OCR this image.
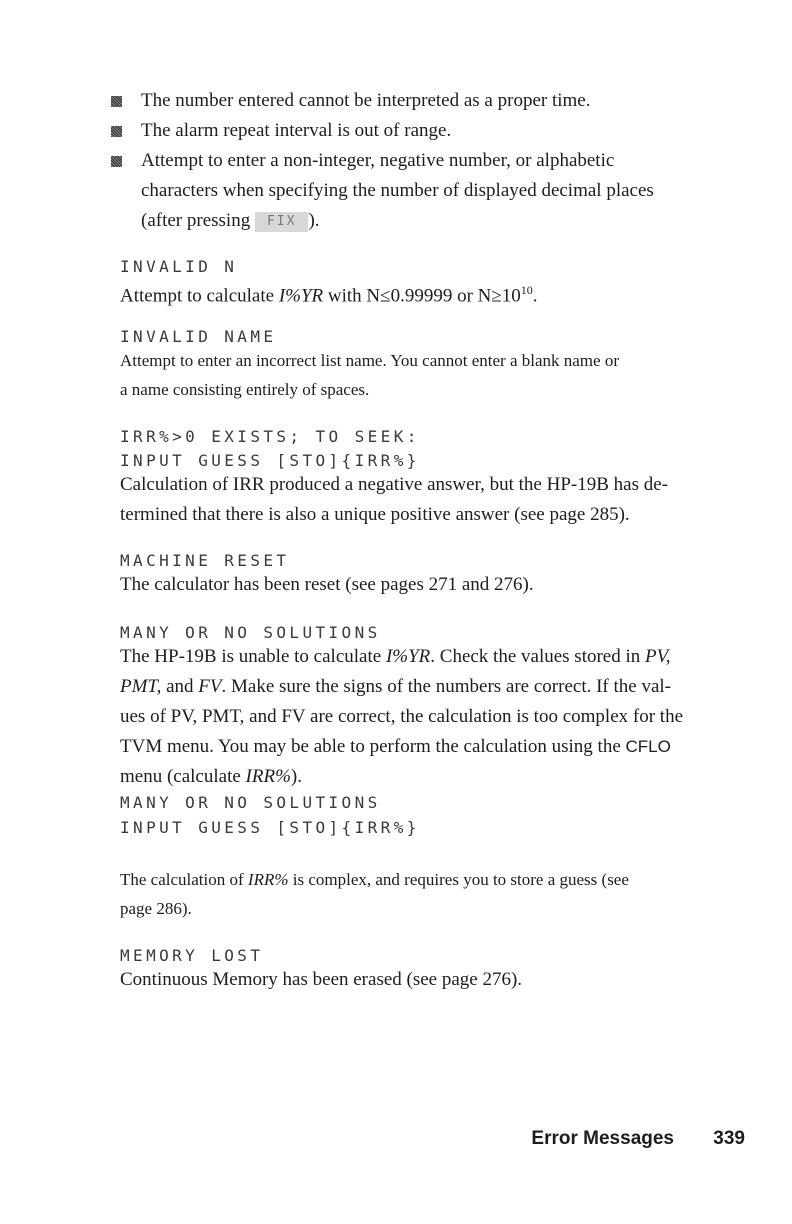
The number entered cannot be interpreted as a proper time.
The alarm repeat interval is out of range.
Attempt to enter a non-integer, negative number, or alphabetic
characters when specifying the number of displayed decimal places
(after pressing FIX ).
INVALID N
Attempt to calculate I%YR with N≤0.99999 or $N\ge 10^{10}$.
INVALID NAME
Attempt to enter an incorrect list name. You cannot enter a blank name or
a name consisting entirely of spaces.
IRR%>0 EXISTS; TO SEEK:
INPUT GUESS [STO]{IRR%}
Calculation of IRR produced a negative answer, but the HP-19B has de-
termined that there is also a unique positive answer (see page 285).
MACHINE RESET
The calculator has been reset (see pages 271 and 276).
MANY OR NO SOLUTIONS
The HP-19B is unable to calculate I%YR. Check the values stored in PV,
PMT, and FV. Make sure the signs of the numbers are correct. If the val-
ues of PV, PMT, and FV are correct, the calculation is too complex for the
TVM menu. You may be able to perform the calculation using the CFLO
menu (calculate IRR%).
MANY OR NO SOLUTIONS
INPUT GUESS [STO]{IRR%}
The calculation of IRR% is complex, and requires you to store a guess (see
page 286).
MEMORY LOST
Continuous Memory has been erased (see page 276).
Error Messages 339
